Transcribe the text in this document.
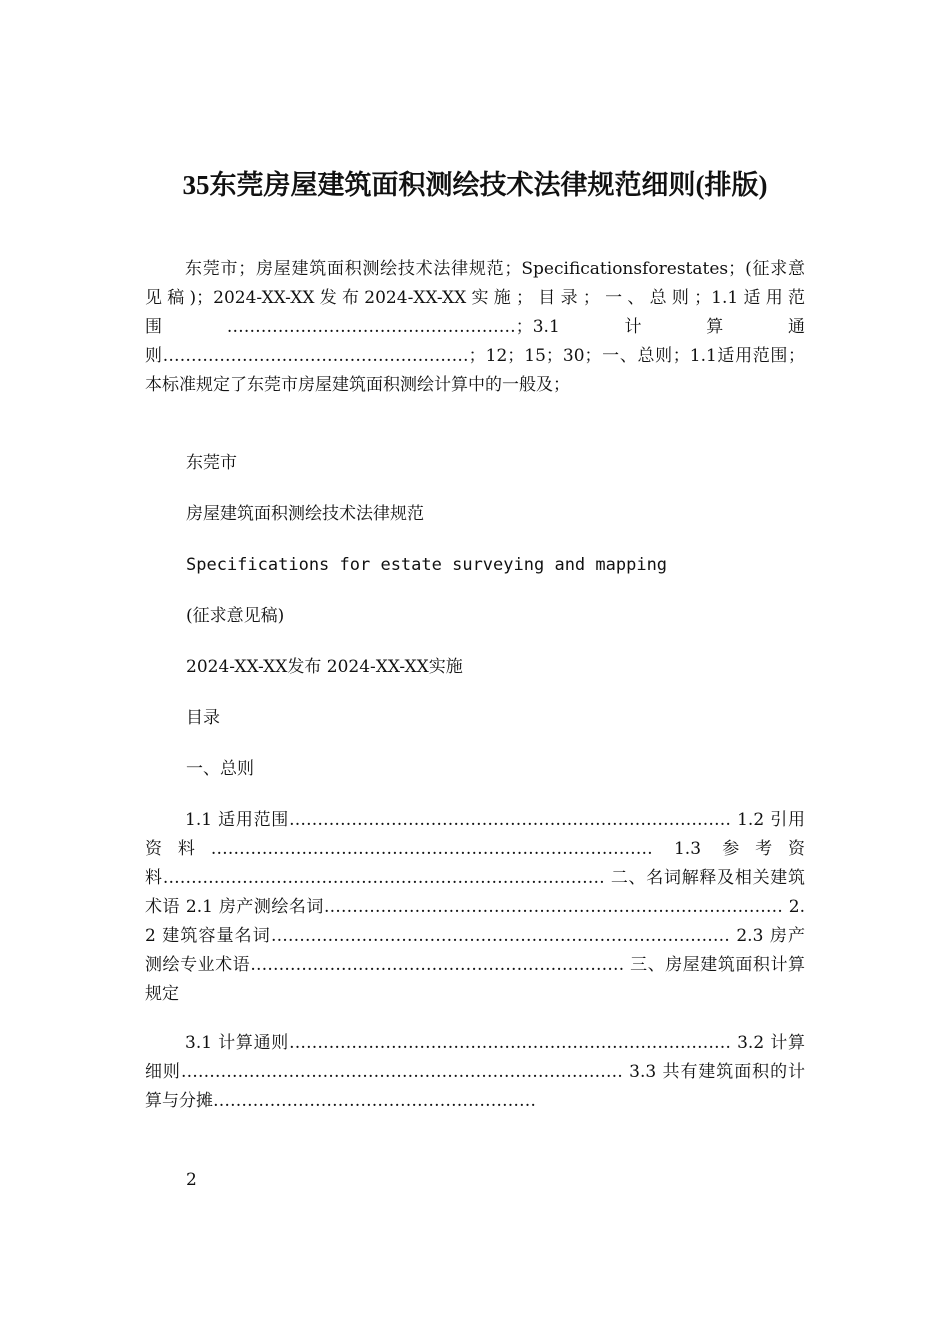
35东莞房屋建筑面积测绘技术法律规范细则(排版)

东莞市；房屋建筑面积测绘技术法律规范；Specificationsforestates；(征求意见稿)；2024-XX-XX发布2024-XX-XX实施；目录；一、总则；1.1适用范围……………………………………………；3.1计算通则………………………………………………；12；15；30；一、总则；1.1适用范围；本标准规定了东莞市房屋建筑面积测绘计算中的一般及；

东莞市

房屋建筑面积测绘技术法律规范

Specifications for estate surveying and mapping

(征求意见稿)

2024-XX-XX发布 2024-XX-XX实施

目录

一、总则

1.1 适用范围…………………………………………………………………… 1.2 引用资料…………………………………………………………………… 1.3 参考资料…………………………………………………………………… 二、名词解释及相关建筑术语 2.1 房产测绘名词……………………………………………………………………… 2.2 建筑容量名词……………………………………………………………………… 2.3 房产测绘专业术语………………………………………………………… 三、房屋建筑面积计算规定

3.1 计算通则…………………………………………………………………… 3.2 计算细则…………………………………………………………………… 3.3 共有建筑面积的计算与分摊…………………………………………………

2
